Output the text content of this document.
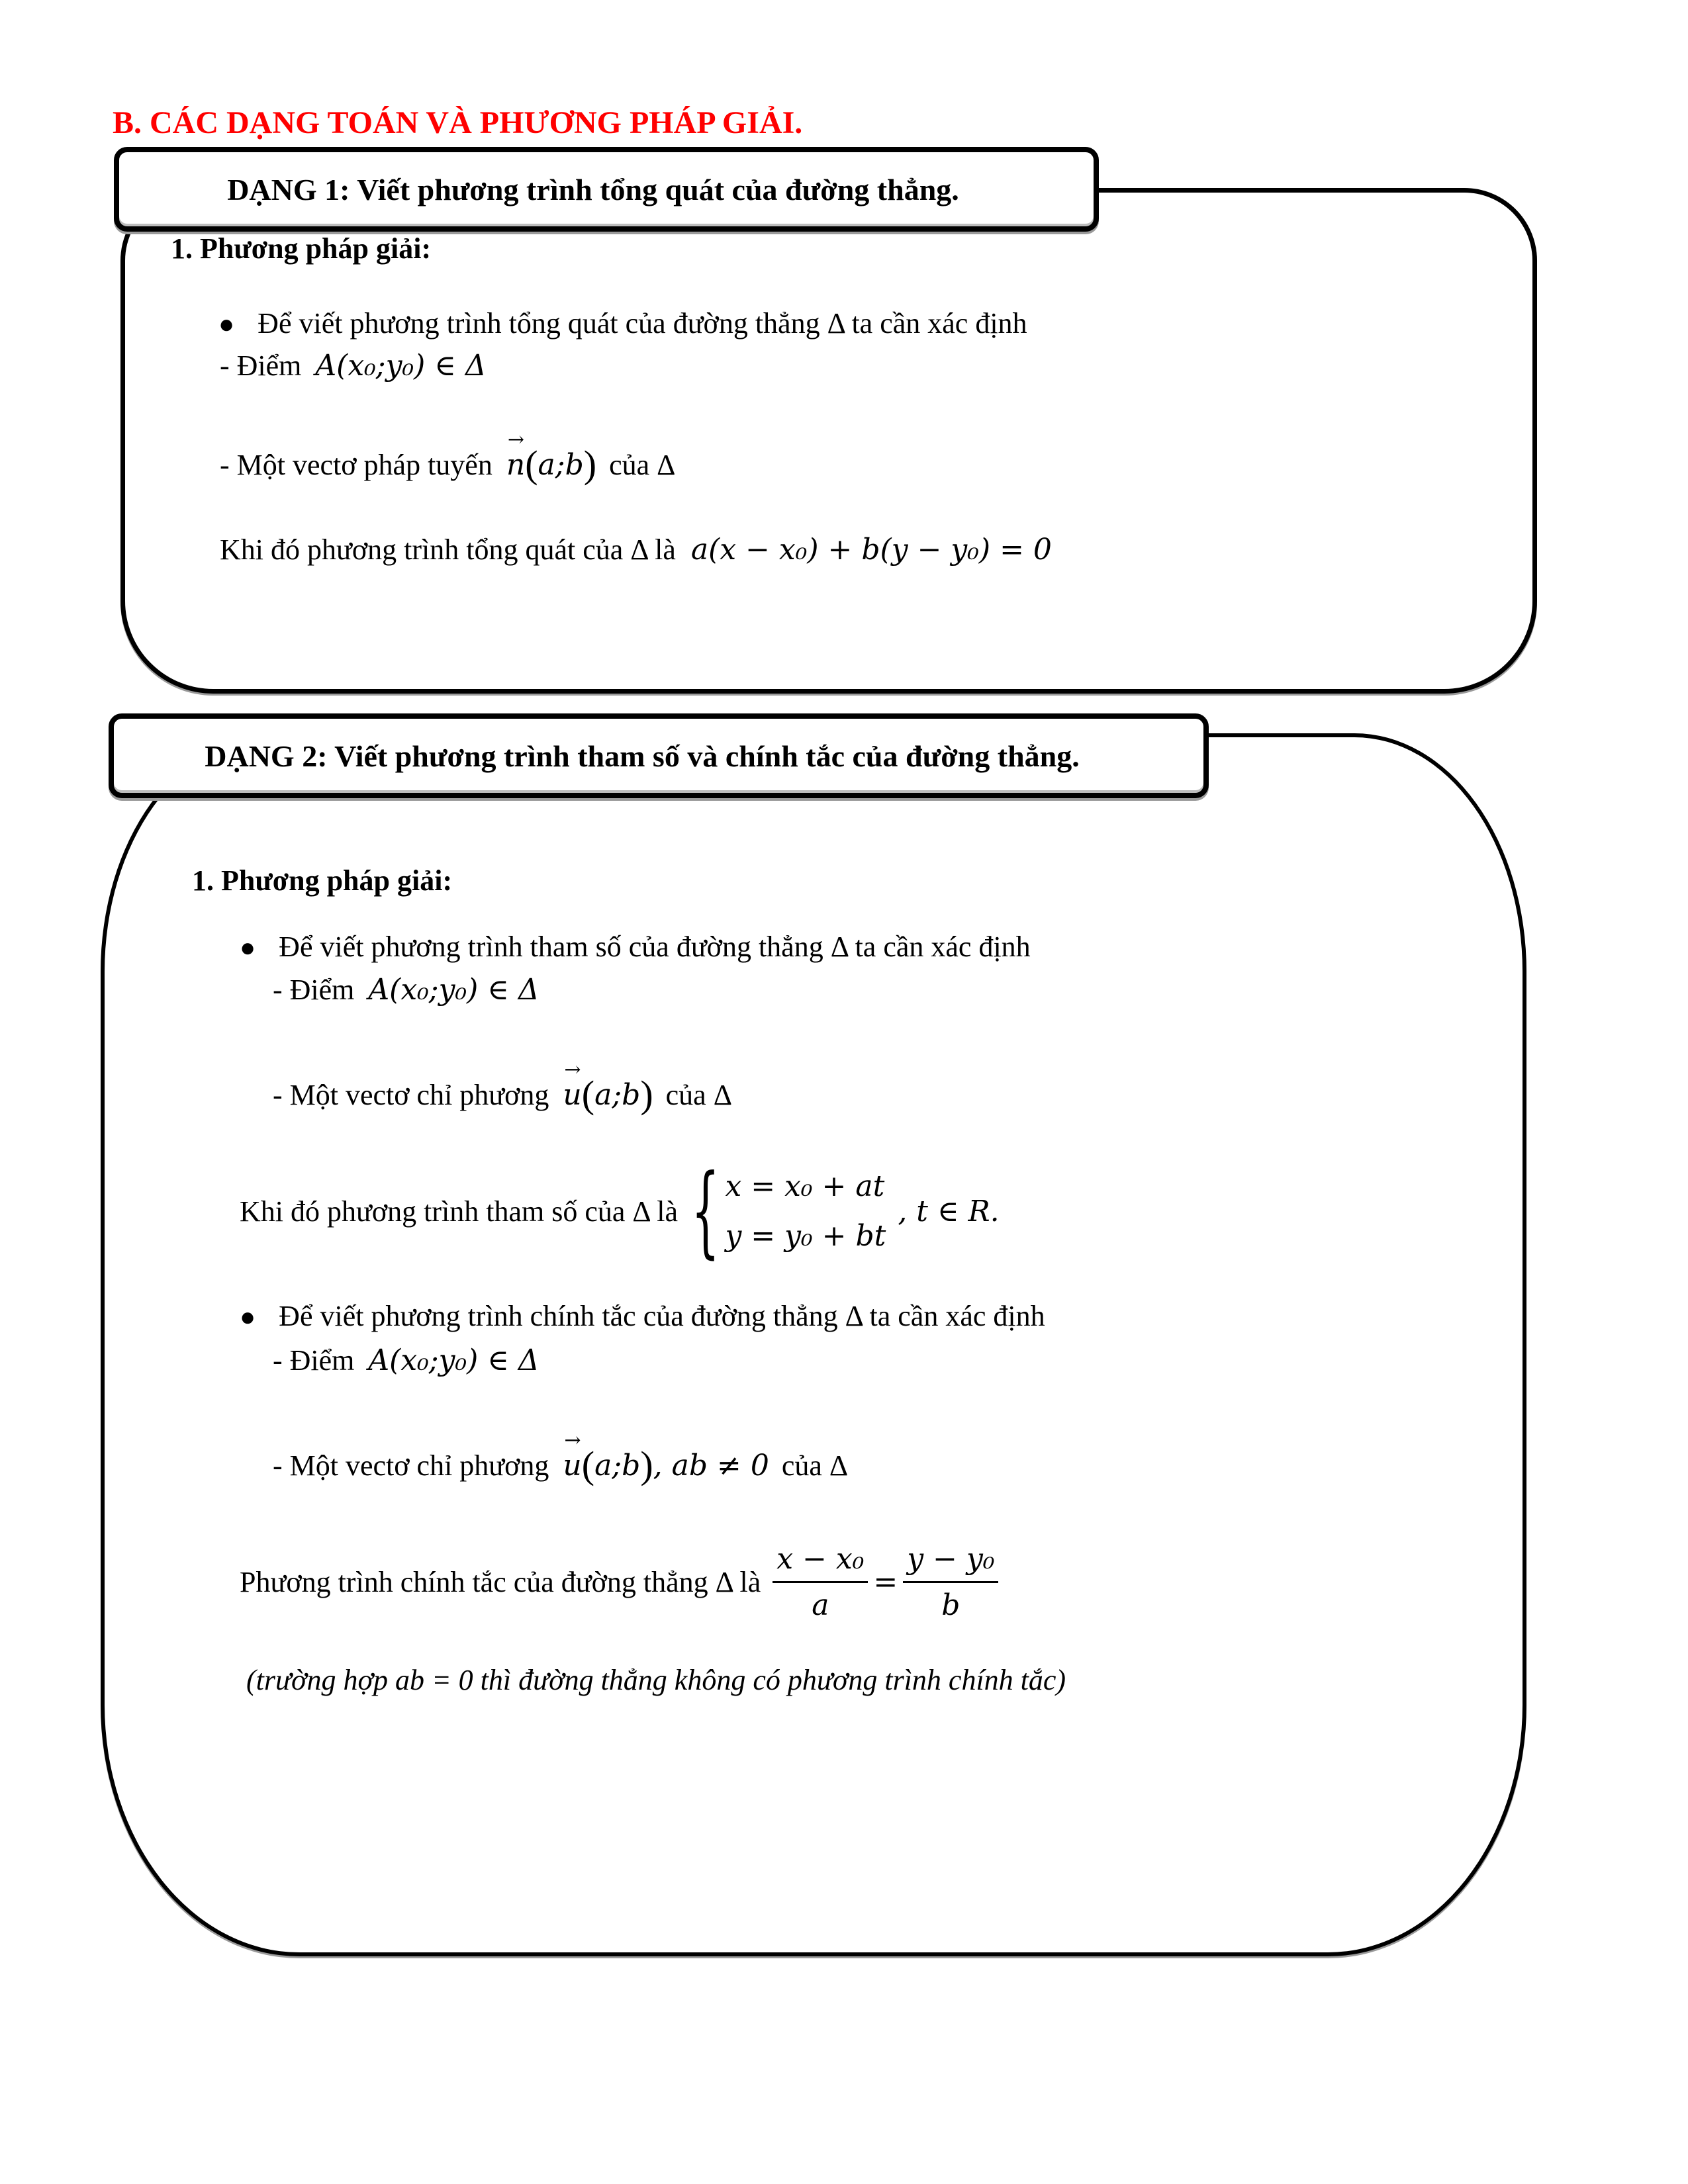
B. CÁC DẠNG TOÁN VÀ PHƯƠNG PHÁP GIẢI.
DẠNG 1: Viết phương trình tổng quát của đường thẳng.
1. Phương pháp giải:
● Để viết phương trình tổng quát của đường thẳng Δ ta cần xác định
- Điểm A(x₀;y₀) ∈ Δ
- Một vectơ pháp tuyến → n(a;b) của Δ
Khi đó phương trình tổng quát của Δ là a(x − x₀) + b(y − y₀) = 0
DẠNG 2: Viết phương trình tham số và chính tắc của đường thẳng.
1. Phương pháp giải:
● Để viết phương trình tham số của đường thẳng Δ ta cần xác định
- Điểm A(x₀;y₀) ∈ Δ
- Một vectơ chỉ phương → u(a;b) của Δ
Khi đó phương trình tham số của Δ là { x = x₀ + at
y = y₀ + bt
, t ∈ R.
● Để viết phương trình chính tắc của đường thẳng Δ ta cần xác định
- Điểm A(x₀;y₀) ∈ Δ
- Một vectơ chỉ phương → u(a;b), ab ≠ 0 của Δ
Phương trình chính tắc của đường thẳng Δ là $\frac{\text{x − x₀}}{a} = \frac{\text{y − y₀}}{b}$
(trường hợp ab = 0 thì đường thẳng không có phương trình chính tắc)
